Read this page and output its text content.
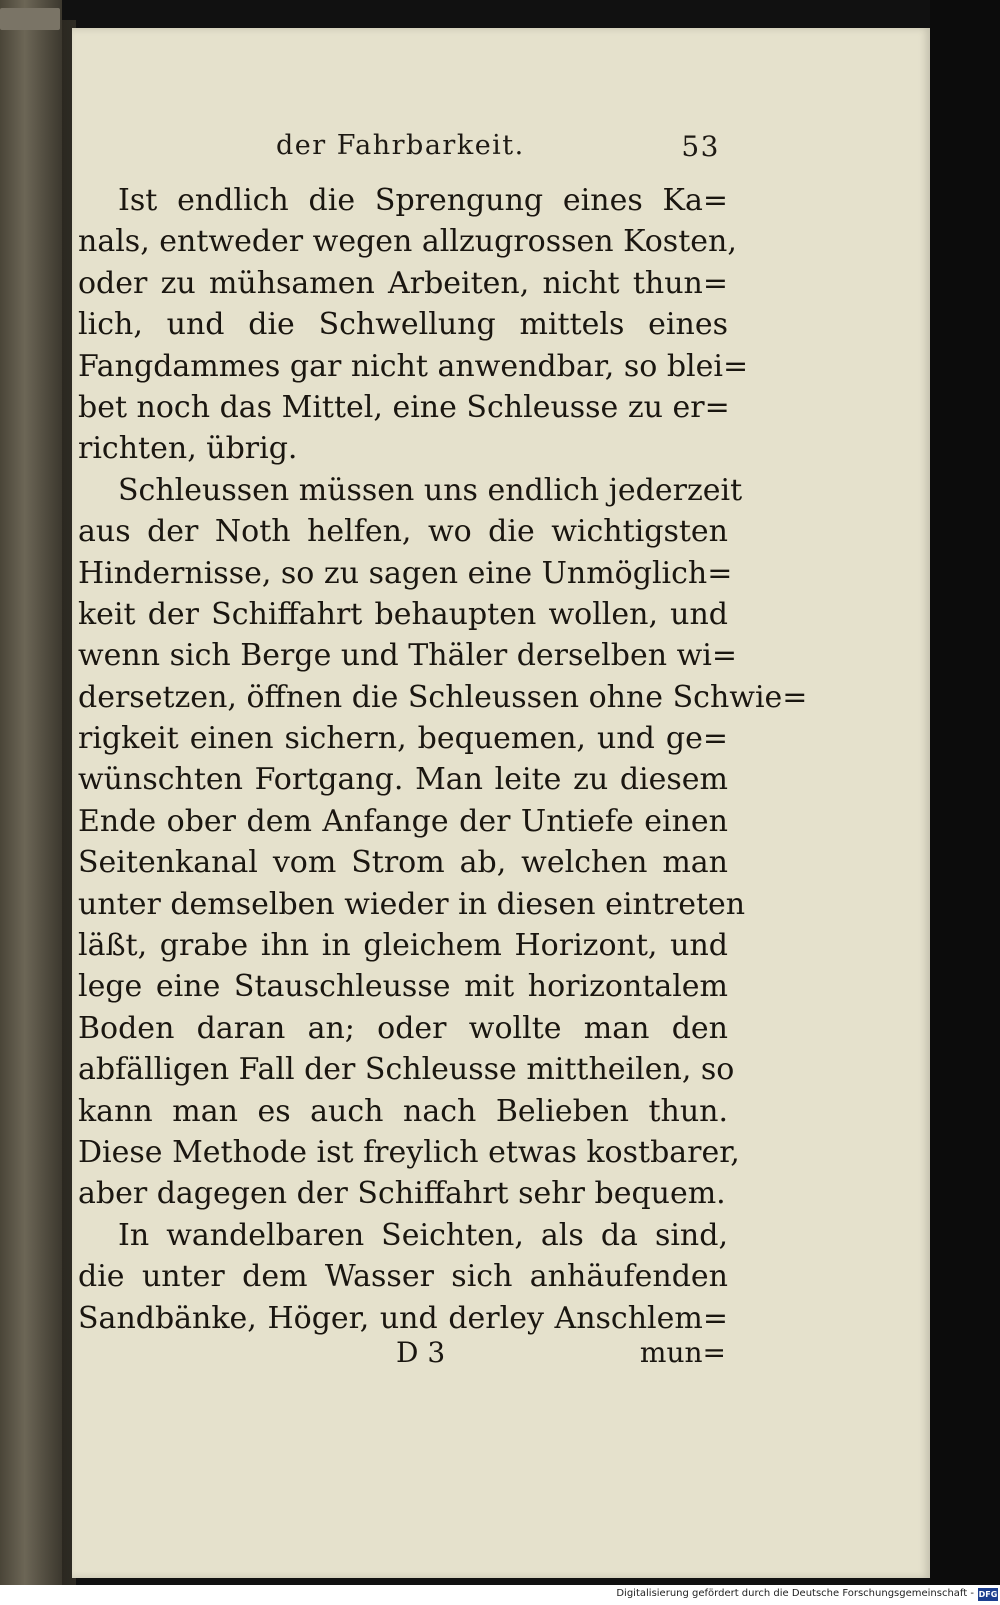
der Fahrbarkeit.	53
Ist endlich die Sprengung eines Ka=
nals, entweder wegen allzugrossen Kosten,
oder zu mühsamen Arbeiten, nicht thun=
lich, und die Schwellung mittels eines
Fangdammes gar nicht anwendbar, so blei=
bet noch das Mittel, eine Schleusse zu er=
richten, übrig.
Schleussen müssen uns endlich jederzeit
aus der Noth helfen, wo die wichtigsten
Hindernisse, so zu sagen eine Unmöglich=
keit der Schiffahrt behaupten wollen, und
wenn sich Berge und Thäler derselben wi=
dersetzen, öffnen die Schleussen ohne Schwie=
rigkeit einen sichern, bequemen, und ge=
wünschten Fortgang. Man leite zu diesem
Ende ober dem Anfange der Untiefe einen
Seitenkanal vom Strom ab, welchen man
unter demselben wieder in diesen eintreten
läßt, grabe ihn in gleichem Horizont, und
lege eine Stauschleusse mit horizontalem
Boden daran an; oder wollte man den
abfälligen Fall der Schleusse mittheilen, so
kann man es auch nach Belieben thun.
Diese Methode ist freylich etwas kostbarer,
aber dagegen der Schiffahrt sehr bequem.
In wandelbaren Seichten, als da sind,
die unter dem Wasser sich anhäufenden
Sandbänke, Höger, und derley Anschlem=
D 3	mun=
Digitalisierung gefördert durch die Deutsche Forschungsgemeinschaft - DFG
